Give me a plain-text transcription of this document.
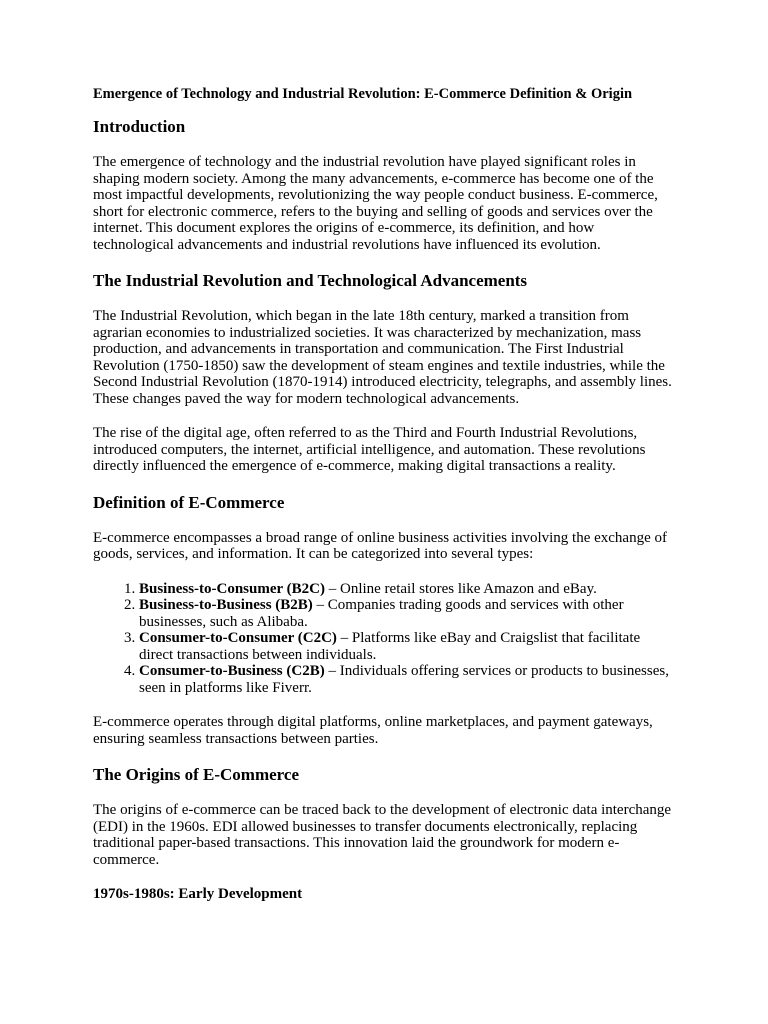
Emergence of Technology and Industrial Revolution: E-Commerce Definition & Origin
Introduction

The emergence of technology and the industrial revolution have played significant roles in shaping modern society. Among the many advancements, e-commerce has become one of the most impactful developments, revolutionizing the way people conduct business. E-commerce, short for electronic commerce, refers to the buying and selling of goods and services over the internet. This document explores the origins of e-commerce, its definition, and how technological advancements and industrial revolutions have influenced its evolution.

The Industrial Revolution and Technological Advancements

The Industrial Revolution, which began in the late 18th century, marked a transition from agrarian economies to industrialized societies. It was characterized by mechanization, mass production, and advancements in transportation and communication. The First Industrial Revolution (1750-1850) saw the development of steam engines and textile industries, while the Second Industrial Revolution (1870-1914) introduced electricity, telegraphs, and assembly lines. These changes paved the way for modern technological advancements.

The rise of the digital age, often referred to as the Third and Fourth Industrial Revolutions, introduced computers, the internet, artificial intelligence, and automation. These revolutions directly influenced the emergence of e-commerce, making digital transactions a reality.

Definition of E-Commerce

E-commerce encompasses a broad range of online business activities involving the exchange of goods, services, and information. It can be categorized into several types:

1. Business-to-Consumer (B2C) – Online retail stores like Amazon and eBay.
2. Business-to-Business (B2B) – Companies trading goods and services with other businesses, such as Alibaba.
3. Consumer-to-Consumer (C2C) – Platforms like eBay and Craigslist that facilitate direct transactions between individuals.
4. Consumer-to-Business (C2B) – Individuals offering services or products to businesses, seen in platforms like Fiverr.

E-commerce operates through digital platforms, online marketplaces, and payment gateways, ensuring seamless transactions between parties.

The Origins of E-Commerce

The origins of e-commerce can be traced back to the development of electronic data interchange (EDI) in the 1960s. EDI allowed businesses to transfer documents electronically, replacing traditional paper-based transactions. This innovation laid the groundwork for modern e-commerce.

1970s-1980s: Early Development
